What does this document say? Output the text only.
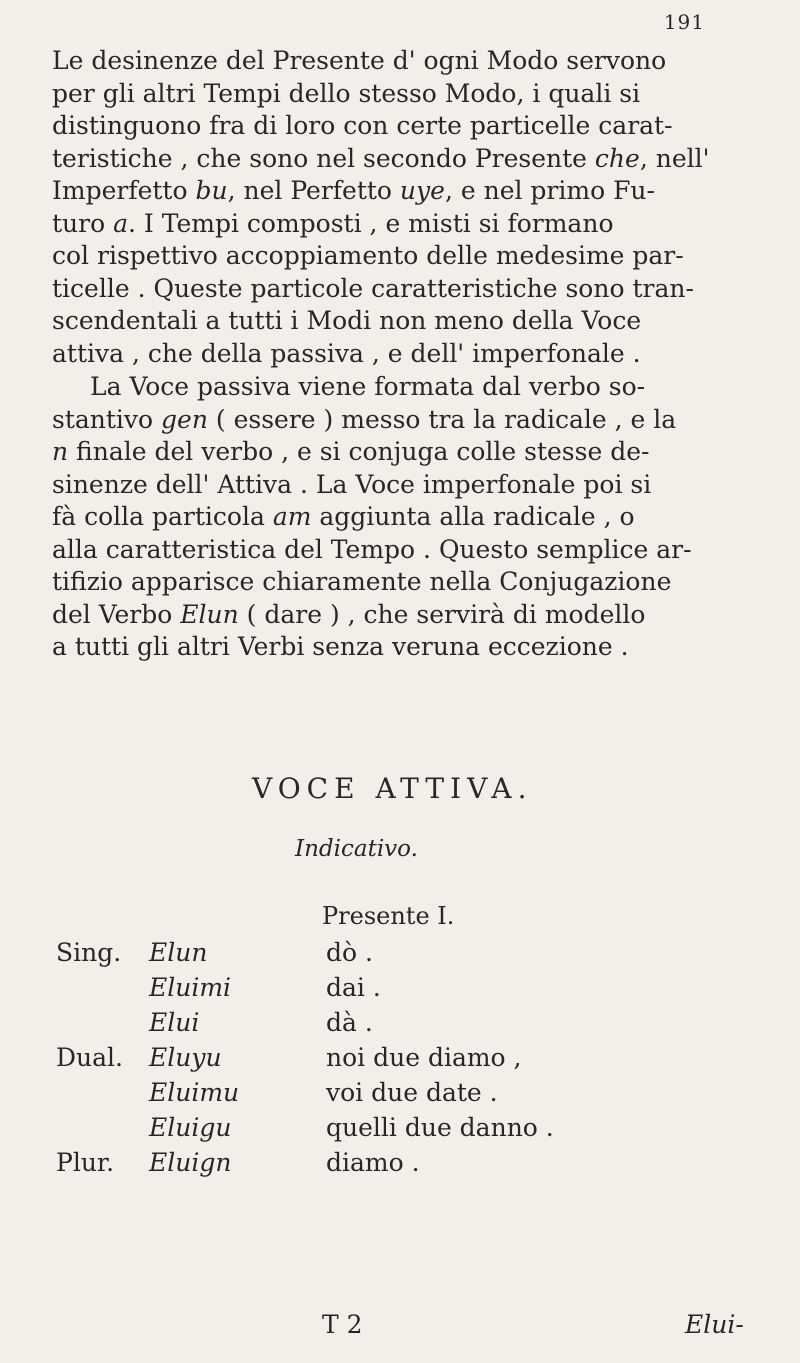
191

Le desinenze del Presente d' ogni Modo servono
per gli altri Tempi dello stesso Modo, i quali si
distinguono fra di loro con certe particelle carat-
teristiche , che sono nel secondo Presente che, nell'
Imperfetto bu, nel Perfetto uye, e nel primo Fu-
turo a. I Tempi composti , e misti si formano
col rispettivo accoppiamento delle medesime par-
ticelle . Queste particole caratteristiche sono tran-
scendentali a tutti i Modi non meno della Voce
attiva , che della passiva , e dell' imperfonale .

La Voce passiva viene formata dal verbo so-
stantivo gen ( essere ) messo tra la radicale , e la
n finale del verbo , e si conjuga colle stesse de-
sinenze dell' Attiva . La Voce imperfonale poi si
fà colla particola am aggiunta alla radicale , o
alla caratteristica del Tempo . Questo semplice ar-
tifizio apparisce chiaramente nella Conjugazione
del Verbo Elun ( dare ) , che servirà di modello
a tutti gli altri Verbi senza veruna eccezione .

VOCE ATTIVA.
Indicativo.
Presente I.
Sing. Elun	dò .
Eluimi	dai .
Elui	dà .
Dual. Eluyu	noi due diamo ,
Eluimu	voi due date .
Eluigu	quelli due danno .
Plur. Eluign	diamo .
T 2	Elui-
